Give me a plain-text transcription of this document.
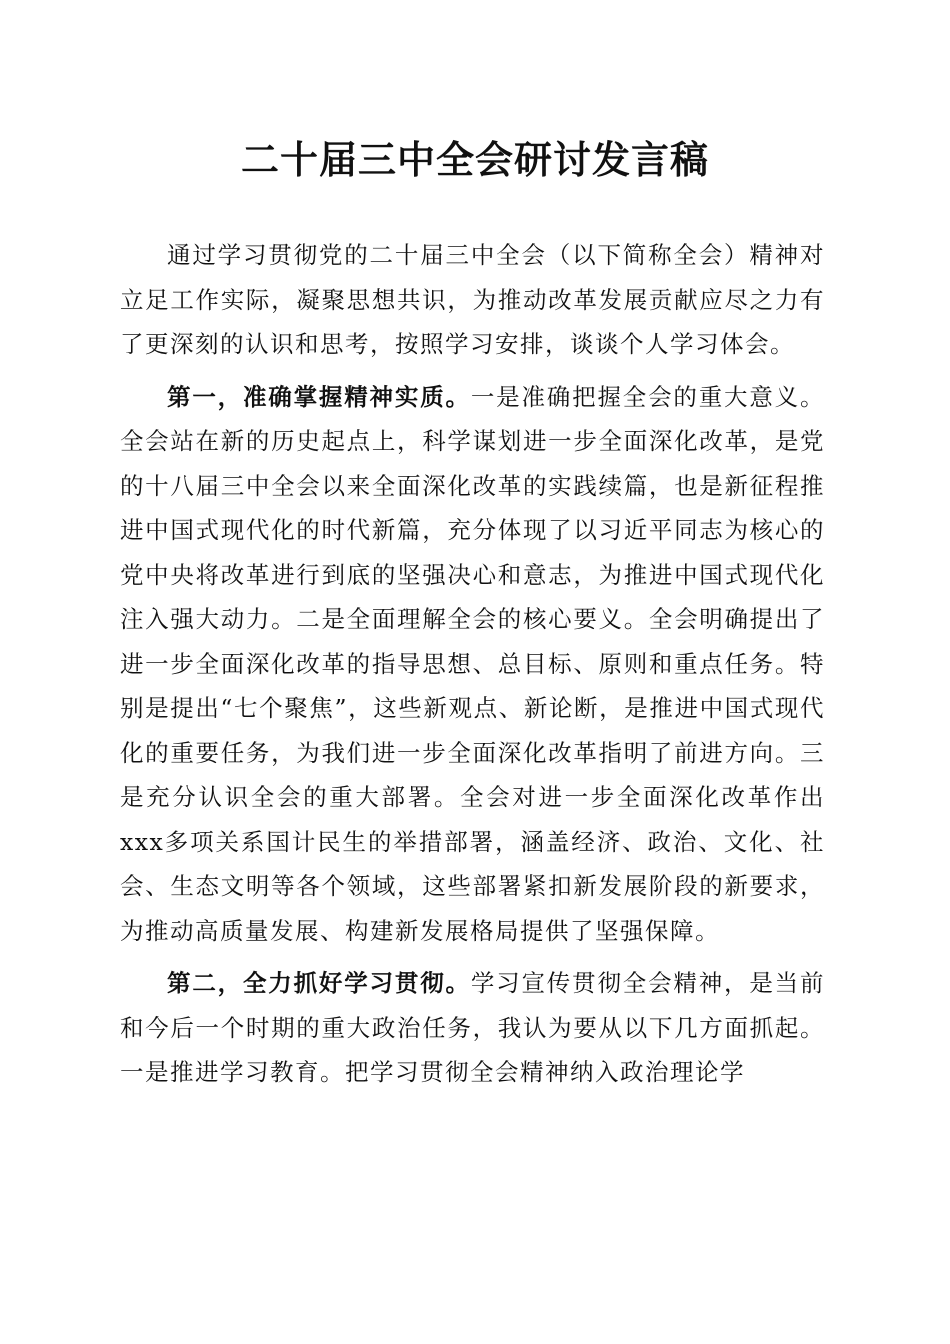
二十届三中全会研讨发言稿

通过学习贯彻党的二十届三中全会（以下简称全会）精神对立足工作实际，凝聚思想共识，为推动改革发展贡献应尽之力有了更深刻的认识和思考，按照学习安排，谈谈个人学习体会。

第一，准确掌握精神实质。一是准确把握全会的重大意义。全会站在新的历史起点上，科学谋划进一步全面深化改革，是党的十八届三中全会以来全面深化改革的实践续篇，也是新征程推进中国式现代化的时代新篇，充分体现了以习近平同志为核心的党中央将改革进行到底的坚强决心和意志，为推进中国式现代化注入强大动力。二是全面理解全会的核心要义。全会明确提出了进一步全面深化改革的指导思想、总目标、原则和重点任务。特别是提出“七个聚焦”，这些新观点、新论断，是推进中国式现代化的重要任务，为我们进一步全面深化改革指明了前进方向。三是充分认识全会的重大部署。全会对进一步全面深化改革作出xxx多项关系国计民生的举措部署，涵盖经济、政治、文化、社会、生态文明等各个领域，这些部署紧扣新发展阶段的新要求，为推动高质量发展、构建新发展格局提供了坚强保障。

第二，全力抓好学习贯彻。学习宣传贯彻全会精神，是当前和今后一个时期的重大政治任务，我认为要从以下几方面抓起。一是推进学习教育。把学习贯彻全会精神纳入政治理论学
